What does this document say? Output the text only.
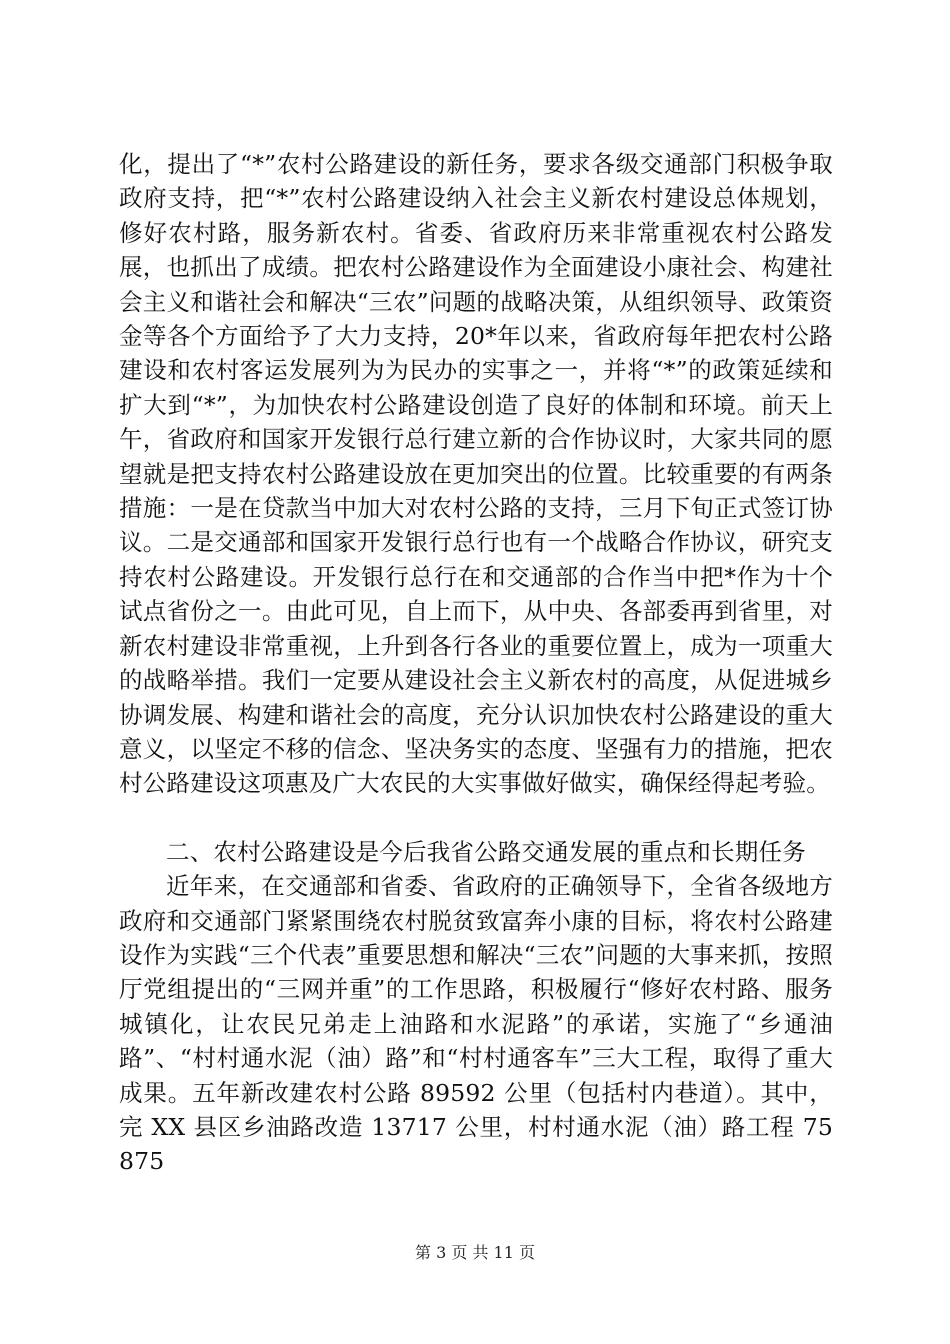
化，提出了“*”农村公路建设的新任务，要求各级交通部门积极争取政府支持，把“*”农村公路建设纳入社会主义新农村建设总体规划，修好农村路，服务新农村。省委、省政府历来非常重视农村公路发展，也抓出了成绩。把农村公路建设作为全面建设小康社会、构建社会主义和谐社会和解决“三农”问题的战略决策，从组织领导、政策资金等各个方面给予了大力支持，20*年以来，省政府每年把农村公路建设和农村客运发展列为为民办的实事之一，并将“*”的政策延续和扩大到“*”，为加快农村公路建设创造了良好的体制和环境。前天上午，省政府和国家开发银行总行建立新的合作协议时，大家共同的愿望就是把支持农村公路建设放在更加突出的位置。比较重要的有两条措施：一是在贷款当中加大对农村公路的支持，三月下旬正式签订协议。二是交通部和国家开发银行总行也有一个战略合作协议，研究支持农村公路建设。开发银行总行在和交通部的合作当中把*作为十个试点省份之一。由此可见，自上而下，从中央、各部委再到省里，对新农村建设非常重视，上升到各行各业的重要位置上，成为一项重大的战略举措。我们一定要从建设社会主义新农村的高度，从促进城乡协调发展、构建和谐社会的高度，充分认识加快农村公路建设的重大意义，以坚定不移的信念、坚决务实的态度、坚强有力的措施，把农村公路建设这项惠及广大农民的大实事做好做实，确保经得起考验。

二、农村公路建设是今后我省公路交通发展的重点和长期任务

近年来，在交通部和省委、省政府的正确领导下，全省各级地方政府和交通部门紧紧围绕农村脱贫致富奔小康的目标，将农村公路建设作为实践“三个代表”重要思想和解决“三农”问题的大事来抓，按照厅党组提出的“三网并重”的工作思路，积极履行“修好农村路、服务城镇化，让农民兄弟走上油路和水泥路”的承诺，实施了“乡通油路”、“村村通水泥（油）路”和“村村通客车”三大工程，取得了重大成果。五年新改建农村公路 89592 公里（包括村内巷道）。其中，完 XX 县区乡油路改造 13717 公里，村村通水泥（油）路工程 75875

第 3 页 共 11 页
